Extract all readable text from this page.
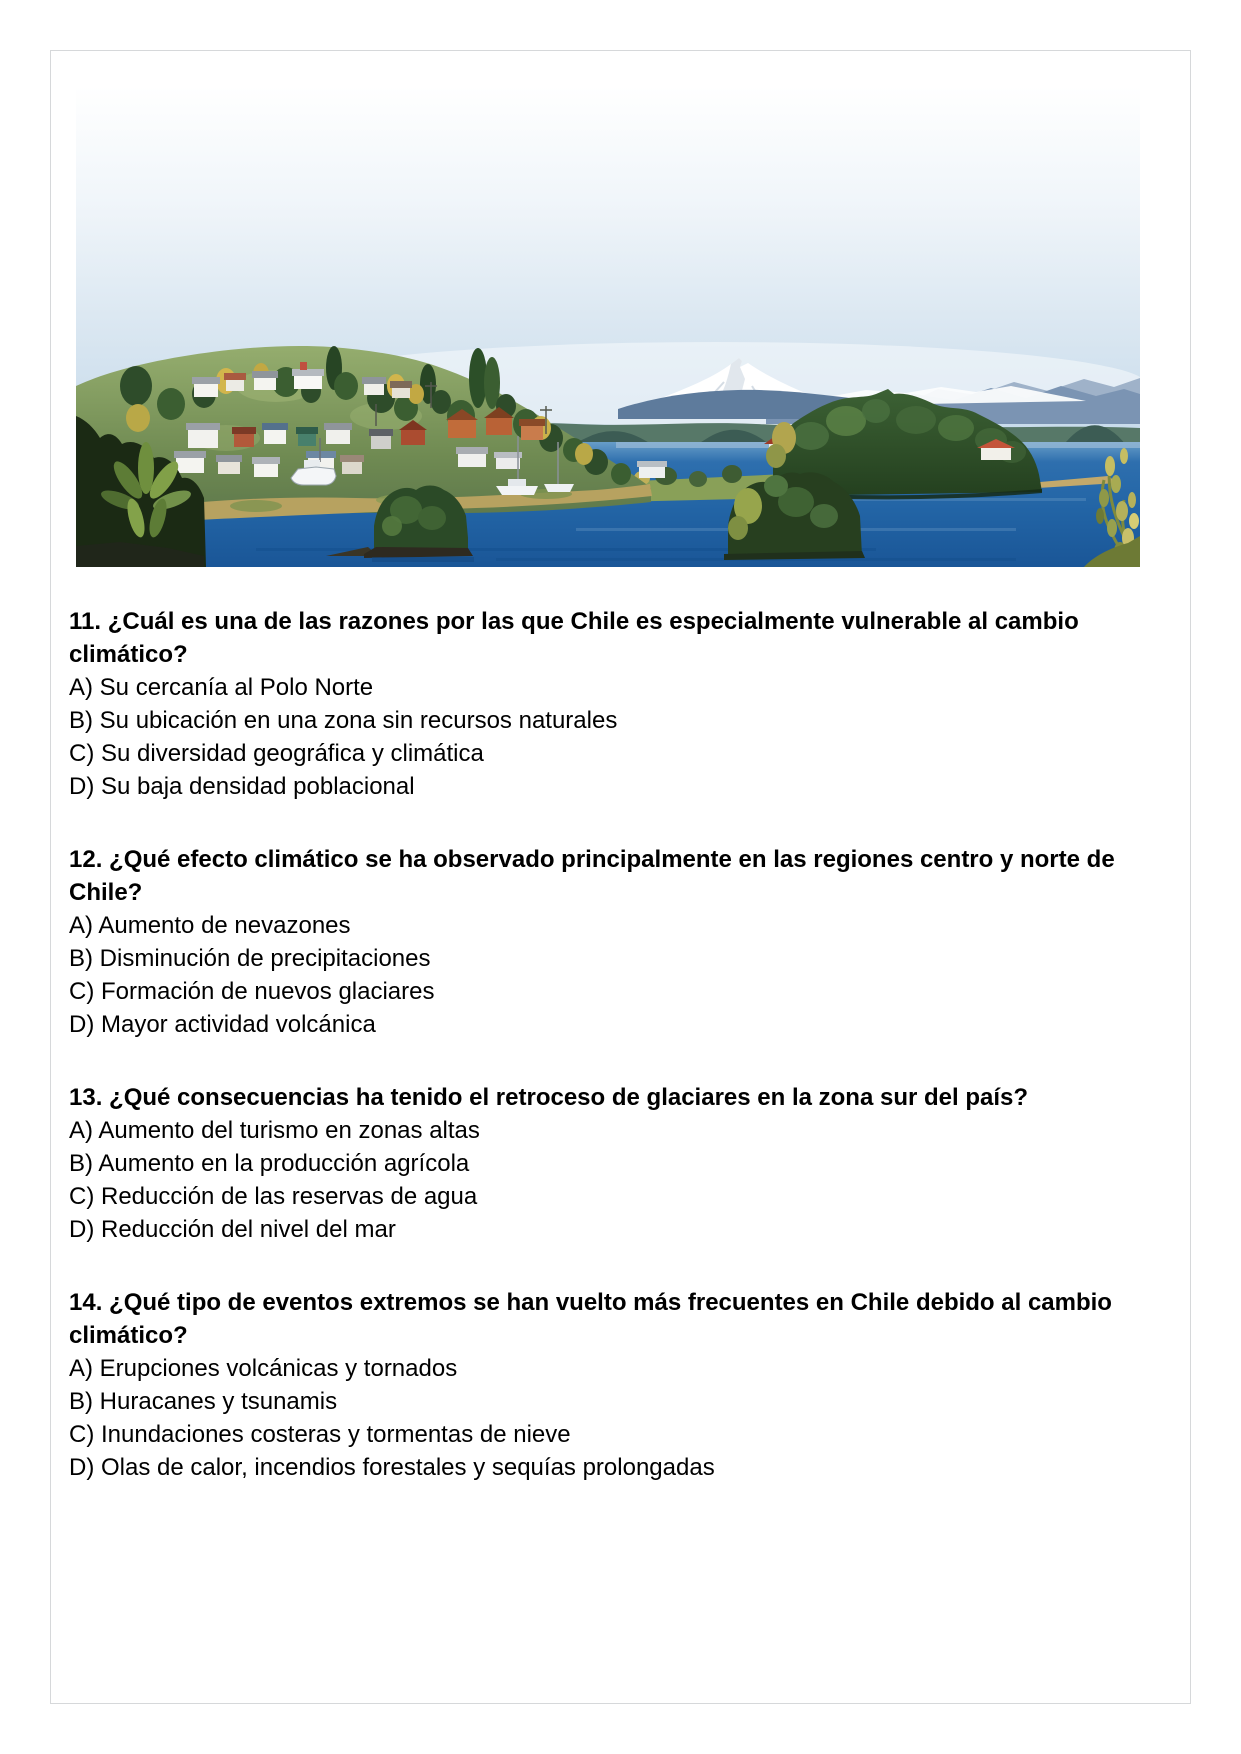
11. ¿Cuál es una de las razones por las que Chile es especialmente vulnerable al cambio climático?

A) Su cercanía al Polo Norte

B) Su ubicación en una zona sin recursos naturales

C) Su diversidad geográfica y climática

D) Su baja densidad poblacional

12. ¿Qué efecto climático se ha observado principalmente en las regiones centro y norte de Chile?

A) Aumento de nevazones

B) Disminución de precipitaciones

C) Formación de nuevos glaciares

D) Mayor actividad volcánica

13. ¿Qué consecuencias ha tenido el retroceso de glaciares en la zona sur del país?

A) Aumento del turismo en zonas altas

B) Aumento en la producción agrícola

C) Reducción de las reservas de agua

D) Reducción del nivel del mar

14. ¿Qué tipo de eventos extremos se han vuelto más frecuentes en Chile debido al cambio climático?

A) Erupciones volcánicas y tornados

B) Huracanes y tsunamis

C) Inundaciones costeras y tormentas de nieve

D) Olas de calor, incendios forestales y sequías prolongadas
